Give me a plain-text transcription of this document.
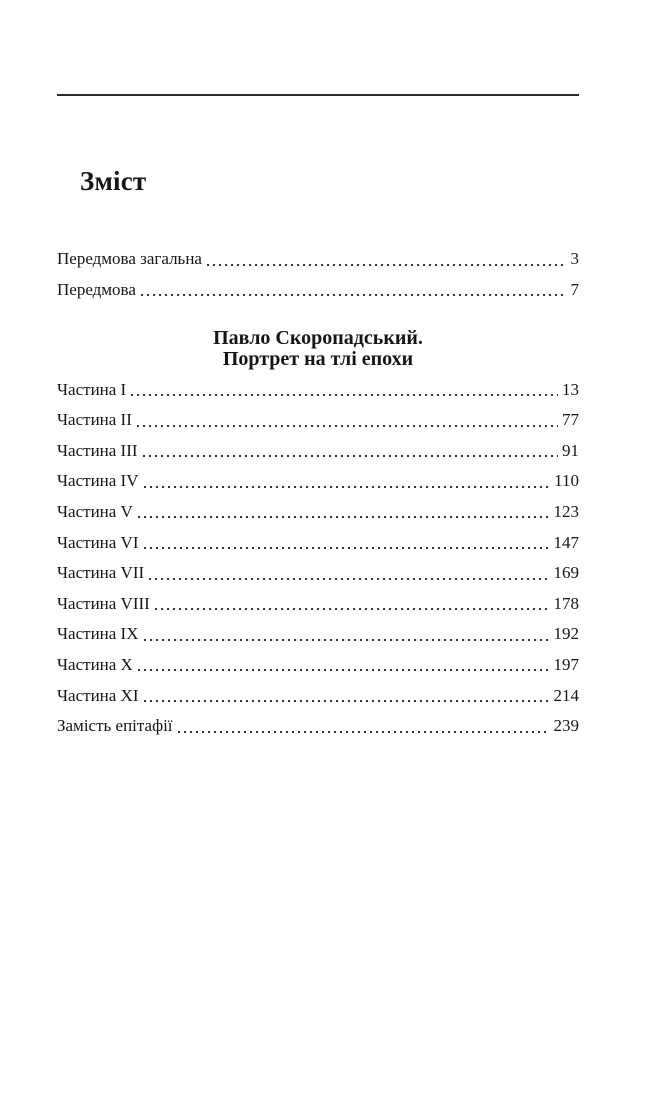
Зміст
Передмова загальна	3
Передмова	7
Павло Скоропадський.
Портрет на тлі епохи
Частина I	13
Частина II	77
Частина III	91
Частина IV	110
Частина V	123
Частина VI	147
Частина VII	169
Частина VIII	178
Частина IX	192
Частина X	197
Частина XI	214
Замість епітафії	239
